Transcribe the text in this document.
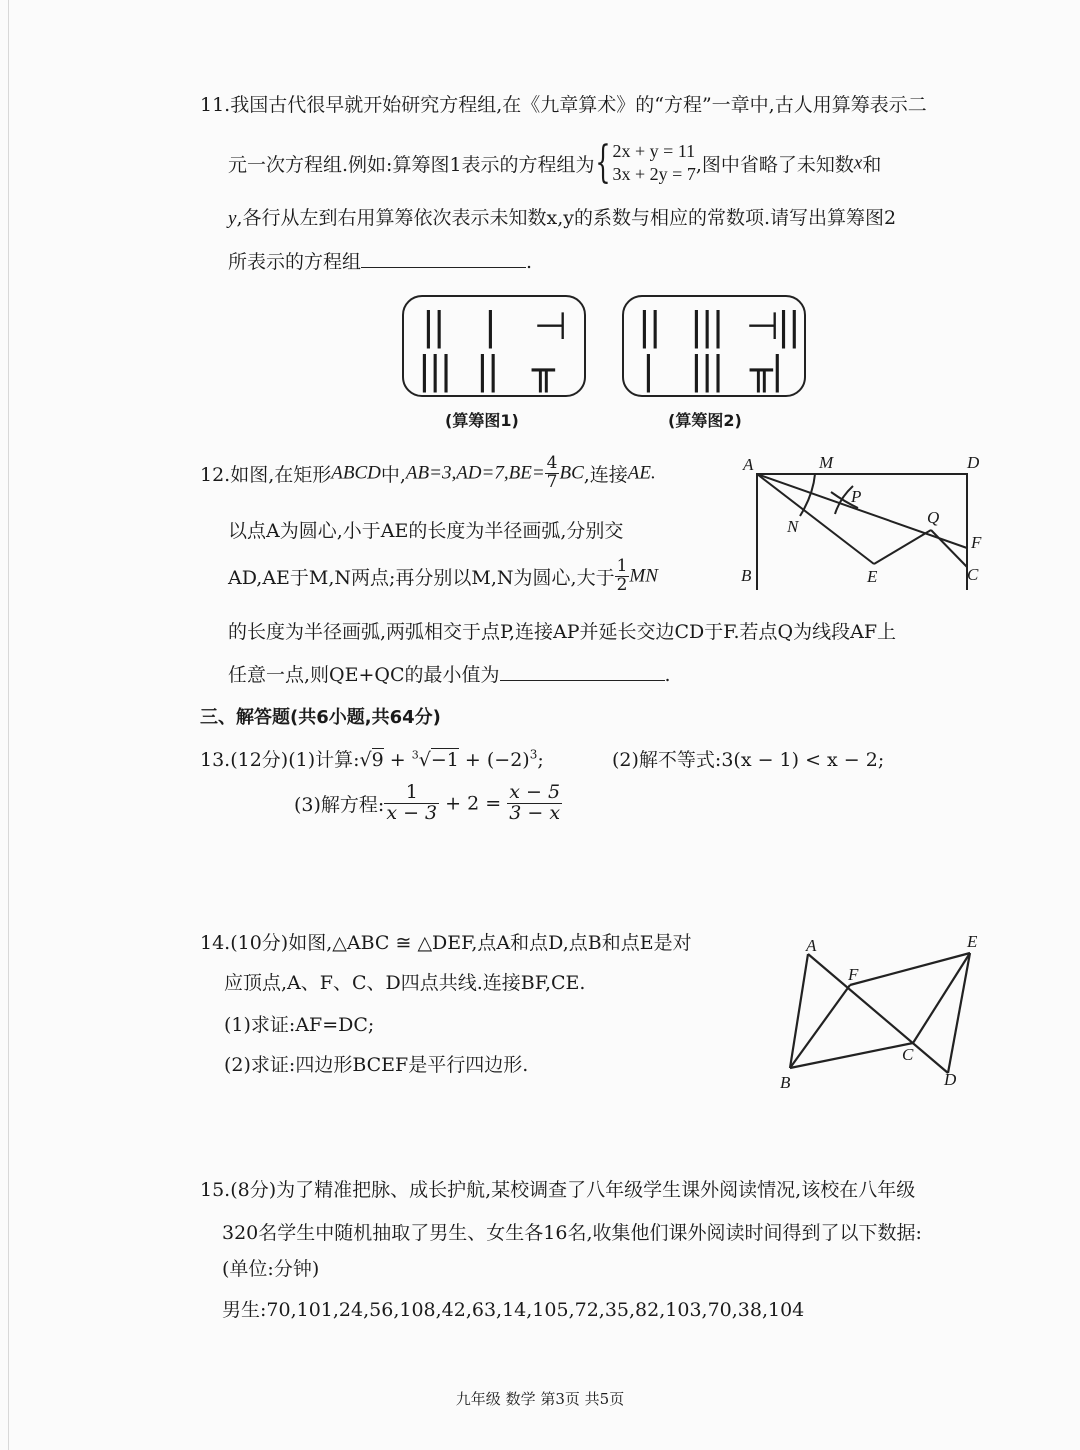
11.我国古代很早就开始研究方程组,在《九章算术》的“方程”一章中,古人用算筹表示二
元一次方程组.例如:算筹图1表示的方程组为{ 2x + y = 11
3x + 2y = 7 ,图中省略了未知数x和
y,各行从左到右用算筹依次表示未知数x,y的系数与相应的常数项.请写出算筹图2
所表示的方程组	.
|| | ⊣
||| || ╥
|| ||| ⊣||
| ||| ╥|
(算筹图1)	(算筹图2)
12.如图,在矩形ABCD中$,AB=3,AD=7,BE= \frac{4}{7}$ BC,连接AE.
以点A为圆心,小于AE的长度为半径画弧,分别交
AD,AE于M,N两点;再分别以M,N为圆心,大于 $\frac{1}{2}$ MN
的长度为半径画弧,两弧相交于点P,连接AP并延长交边CD于F.若点Q为线段AF上
任意一点,则QE+QC的最小值为	.
A	M	D
P
N	Q
F
B	E	C
三、解答题(共6小题,共64分)
13.(12分)(1)计算:√9 + $^3√-1 + (-2)^3$;	(2)解不等式:3(x − 1) < x − 2;
(3)解方程: $\frac{1}{x - 3} + 2 = \frac{x - 5}{3 - x}$
14.(10分)如图,△ABC ≅ △DEF,点A和点D,点B和点E是对
应顶点,A、F、C、D四点共线.连接BF,CE.
(1)求证:AF=DC;
(2)求证:四边形BCEF是平行四边形.
A	E
F
C
B	D
15.(8分)为了精准把脉、成长护航,某校调查了八年级学生课外阅读情况,该校在八年级
320名学生中随机抽取了男生、女生各16名,收集他们课外阅读时间得到了以下数据:
(单位:分钟)
男生:70,101,24,56,108,42,63,14,105,72,35,82,103,70,38,104
九年级 数学 第3页 共5页
